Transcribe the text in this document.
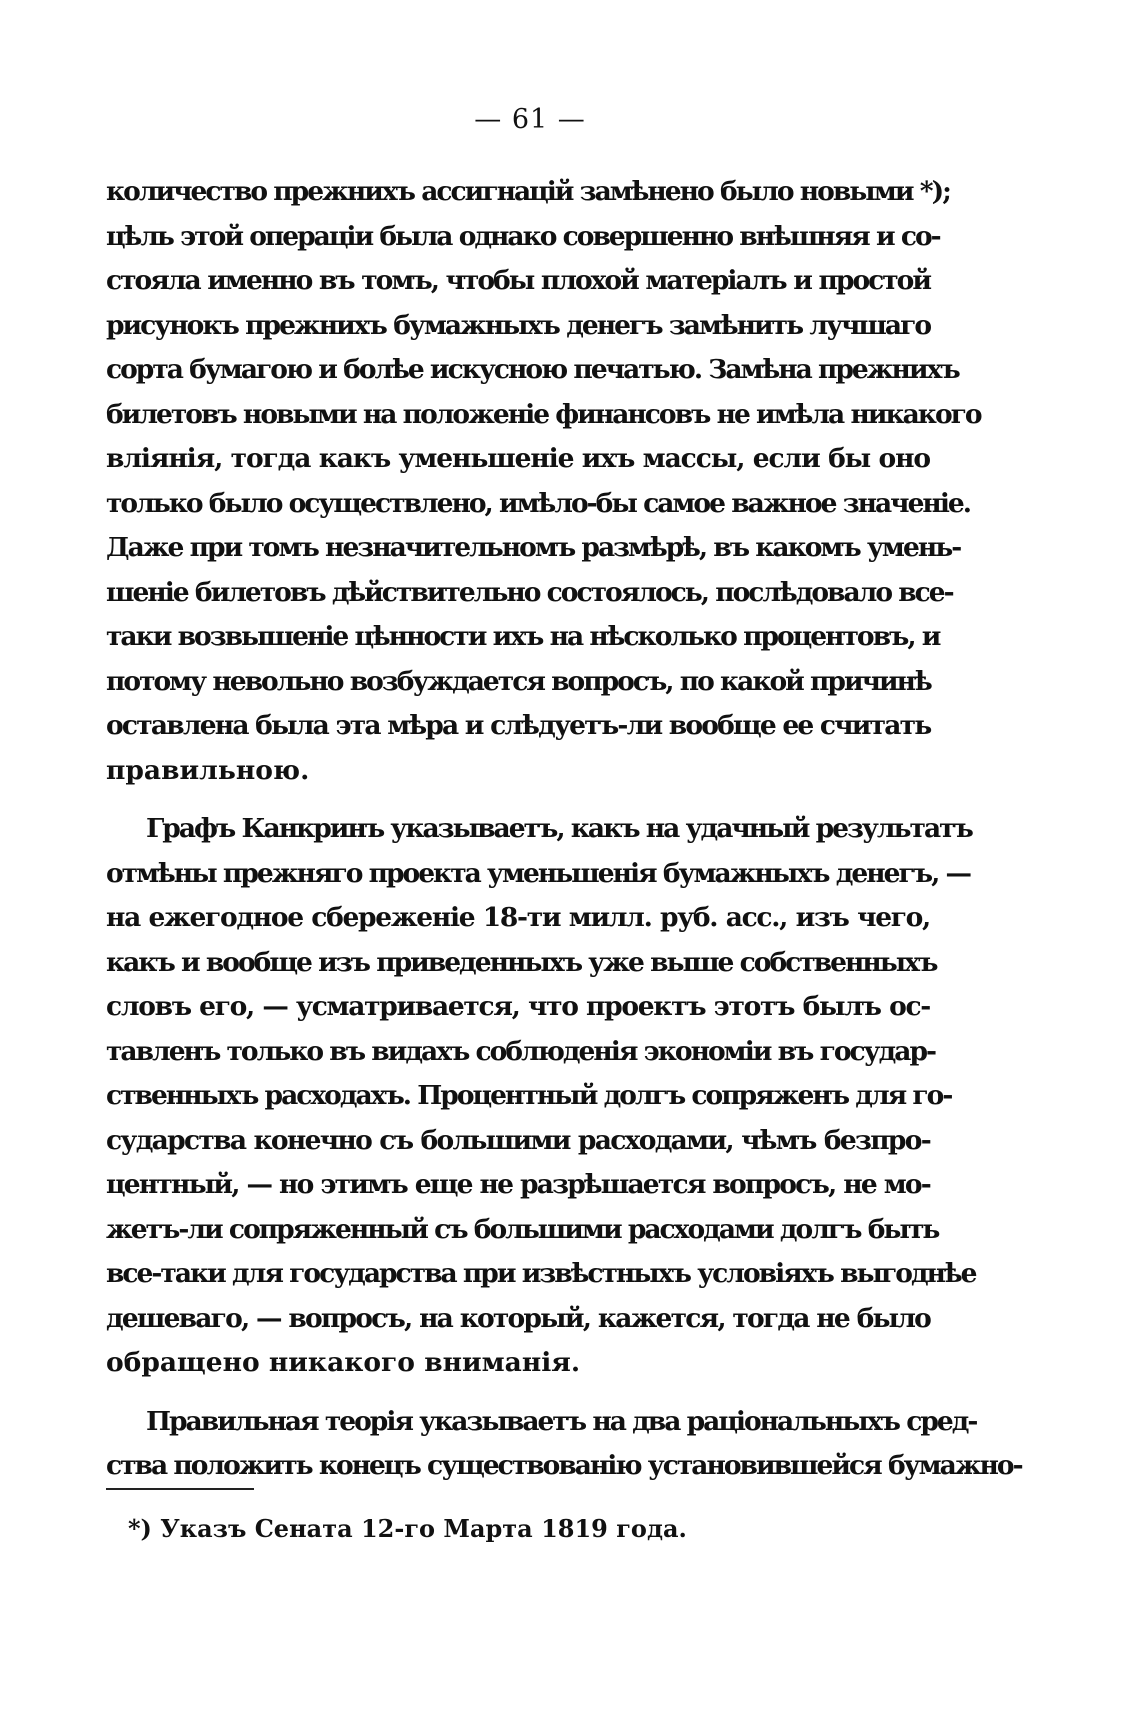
— 61 —
количество прежнихъ ассигнацій замѣнено было новыми *);
цѣль этой операціи была однако совершенно внѣшняя и со-
стояла именно въ томъ, чтобы плохой матеріалъ и простой
рисунокъ прежнихъ бумажныхъ денегъ замѣнить лучшаго
сорта бумагою и болѣе искусною печатью. Замѣна прежнихъ
билетовъ новыми на положеніе финансовъ не имѣла никакого
вліянія, тогда какъ уменьшеніе ихъ массы, если бы оно
только было осуществлено, имѣло-бы самое важное значеніе.
Даже при томъ незначительномъ размѣрѣ, въ какомъ умень-
шеніе билетовъ дѣйствительно состоялось, послѣдовало все-
таки возвышеніе цѣнности ихъ на нѣсколько процентовъ, и
потому невольно возбуждается вопросъ, по какой причинѣ
оставлена была эта мѣра и слѣдуетъ-ли вообще ее считать
правильною.
Графъ Канкринъ указываетъ, какъ на удачный результатъ
отмѣны прежняго проекта уменьшенія бумажныхъ денегъ, —
на ежегодное сбереженіе 18-ти милл. руб. асс., изъ чего,
какъ и вообще изъ приведенныхъ уже выше собственныхъ
словъ его, — усматривается, что проектъ этотъ былъ ос-
тавленъ только въ видахъ соблюденія экономіи въ государ-
ственныхъ расходахъ. Процентный долгъ сопряженъ для го-
сударства конечно съ большими расходами, чѣмъ безпро-
центный, — но этимъ еще не разрѣшается вопросъ, не мо-
жетъ-ли сопряженный съ большими расходами долгъ быть
все-таки для государства при извѣстныхъ условіяхъ выгоднѣе
дешеваго, — вопросъ, на который, кажется, тогда не было
обращено никакого вниманія.
Правильная теорія указываетъ на два раціональныхъ сред-
ства положить конецъ существованію установившейся бумажно-
*) Указъ Сената 12-го Марта 1819 года.
